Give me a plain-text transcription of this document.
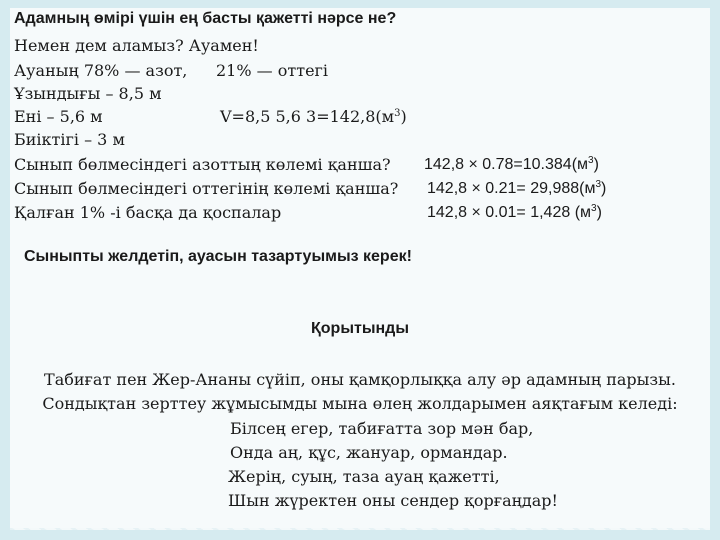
Адамның өмірі үшін ең басты қажетті нәрсе не?
Немен дем аламыз? Ауамен!
Ауаның 78% — азот, 21% — оттегі
Ұзындығы – 8,5 м
Ені – 5,6 м	V=8,5 5,6 $3=142,8(м^3)$
Биіктігі – 3 м
Сынып бөлмесіндегі азоттың көлемі қанша? $142,8 \times 0.78=10.384(м^3)$
Сынып бөлмесіндегі оттегінің көлемі қанша? $142,8 \times 0.21= 29,988(м^3)$
Қалған 1% -і басқа да қоспалар	142,8 × 0.01= 1,428 $(м^3)$
Сыныпты желдетіп, ауасын тазартуымыз керек!
Қорытынды
Табиғат пен Жер-Ананы сүйіп, оны қамқорлыққа алу әр адамның парызы.
Сондықтан зерттеу жұмысымды мына өлең жолдарымен аяқтағым келеді:
Білсең егер, табиғатта зор мән бар,
Онда аң, құс, жануар, ормандар.
Жерің, суың, таза ауаң қажетті,
Шын жүректен оны сендер қорғаңдар!
